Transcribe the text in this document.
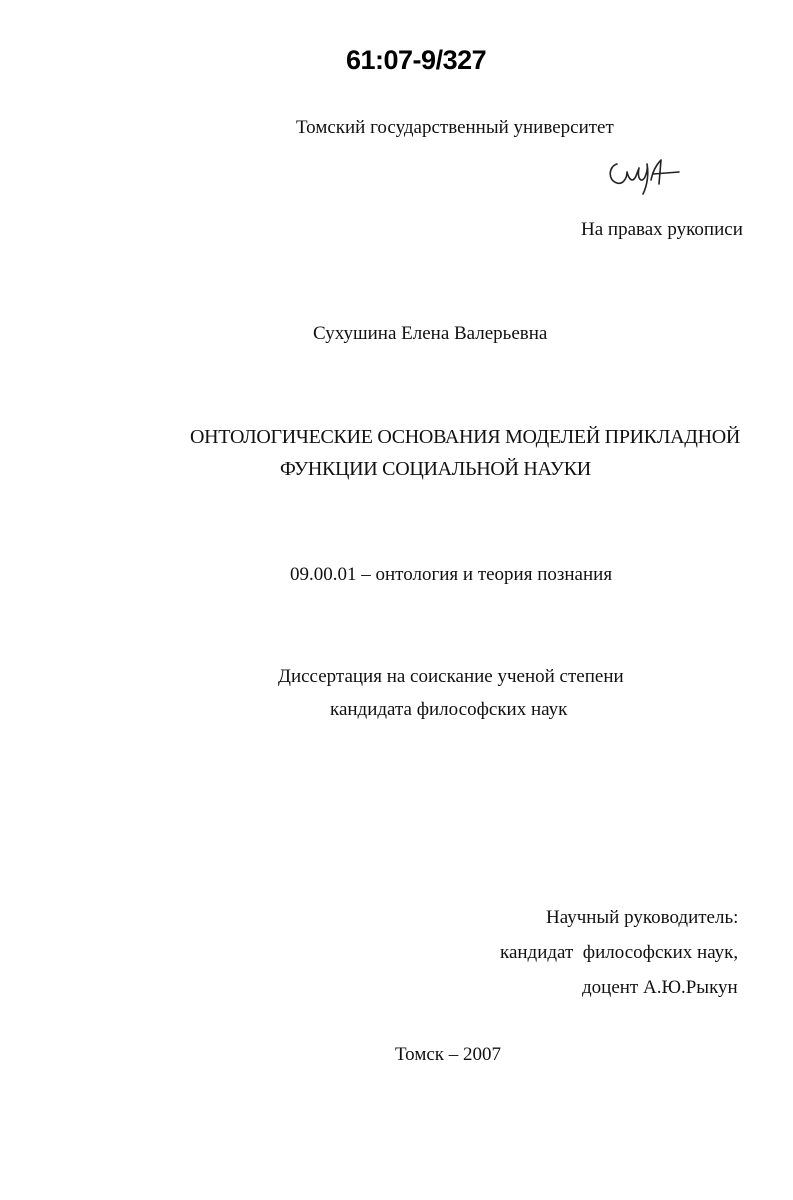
61:07-9/327
Томский государственный университет
На правах рукописи
Сухушина Елена Валерьевна
ОНТОЛОГИЧЕСКИЕ ОСНОВАНИЯ МОДЕЛЕЙ ПРИКЛАДНОЙ
ФУНКЦИИ СОЦИАЛЬНОЙ НАУКИ
09.00.01 – онтология и теория познания
Диссертация на соискание ученой степени
кандидата философских наук
Научный руководитель:
кандидат  философских наук,
доцент А.Ю.Рыкун
Томск – 2007
